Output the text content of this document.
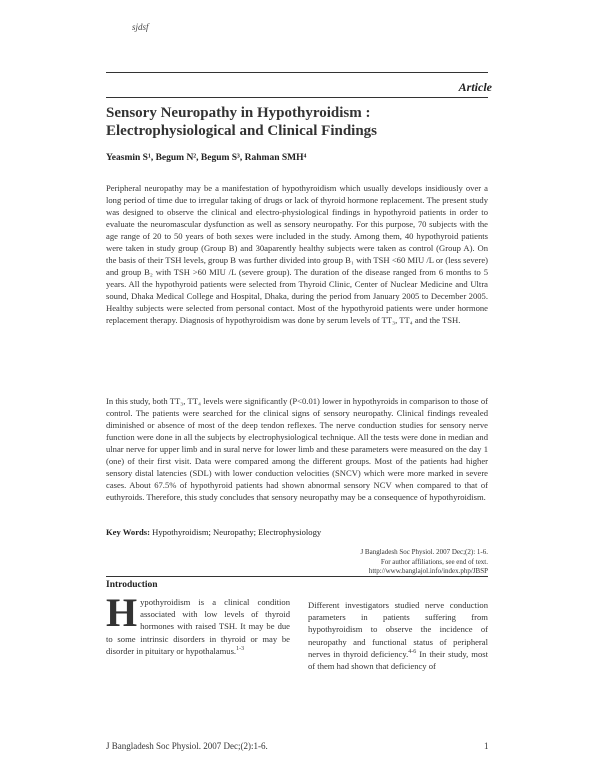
sjdsf
Article
Sensory Neuropathy in Hypothyroidism : Electrophysiological and Clinical Findings
Yeasmin S¹, Begum N², Begum S³, Rahman SMH⁴

Peripheral neuropathy may be a manifestation of hypothyroidism which usually develops insidiously over a long period of time due to irregular taking of drugs or lack of thyroid hormone replacement. The present study was designed to observe the clinical and electro-physiological findings in hypothyroid patients in order to evaluate the neuromascular dysfunction as well as sensory neuropathy. For this purpose, 70 subjects with the age range of 20 to 50 years of both sexes were included in the study. Among them, 40 hypothyroid patients were taken in study group (Group B) and 30aparently healthy subjects were taken as control (Group A). On the basis of their TSH levels, group B was further divided into group B₁ with TSH <60 MIU /L or (less severe) and group B₂ with TSH >60 MIU /L (severe group). The duration of the disease ranged from 6 months to 5 years. All the hypothyroid patients were selected from Thyroid Clinic, Center of Nuclear Medicine and Ultra sound, Dhaka Medical College and Hospital, Dhaka, during the period from January 2005 to December 2005. Healthy subjects were selected from personal contact. Most of the hypothyroid patients were under hormone replacement therapy. Diagnosis of hypothyroidism was done by serum levels of TT₃, TT₄ and the TSH.

In this study, both TT₃, TT₄ levels were significantly (P<0.01) lower in hypothyroids in comparison to those of control. The patients were searched for the clinical signs of sensory neuropathy. Clinical findings revealed diminished or absence of most of the deep tendon reflexes. The nerve conduction studies for sensory nerve function were done in all the subjects by electrophysiological technique. All the tests were done in median and ulnar nerve for upper limb and in sural nerve for lower limb and these parameters were measured on the day 1 (one) of their first visit. Data were compared among the different groups. Most of the patients had higher sensory distal latencies (SDL) with lower conduction velocities (SNCV) which were more marked in severe cases. About 67.5% of hypothyroid patients had shown abnormal sensory NCV when compared to that of euthyroids. Therefore, this study concludes that sensory neuropathy may be a consequence of hypothyroidism.

Key Words: Hypothyroidism; Neuropathy; Electrophysiology
J Bangladesh Soc Physiol. 2007 Dec;(2): 1-6.
For author affiliations, see end of text.
http://www.banglajol.info/index.php/JBSP
Introduction
Hypothyroidism is a clinical condition associated with low levels of thyroid hormones with raised TSH. It may be due to some intrinsic disorders in thyroid or may be disorder in pituitary or hypothalamus.$^{1-3}$

Different investigators studied nerve conduction parameters in patients suffering from hypothyroidism to observe the incidence of neuropathy and functional status of peripheral nerves in thyroid deficiency.$^{4-6}$ In their study, most of them had shown that deficiency of

J Bangladesh Soc Physiol. 2007 Dec;(2):1-6.	1
